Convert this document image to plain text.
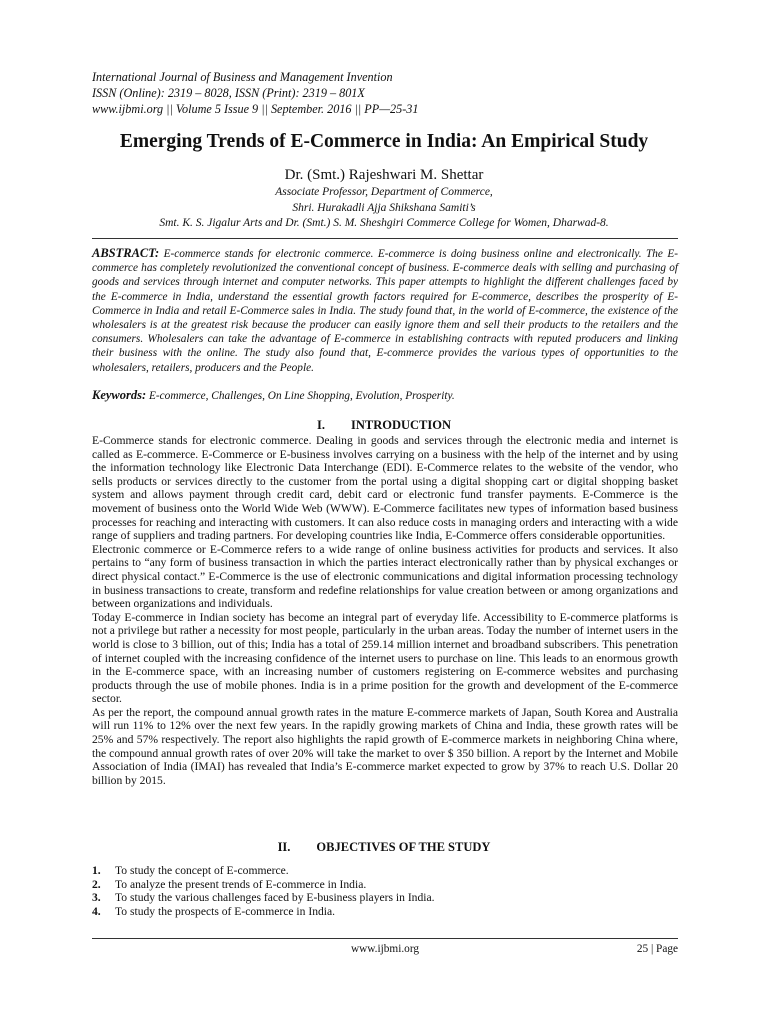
International Journal of Business and Management Invention
ISSN (Online): 2319 – 8028, ISSN (Print): 2319 – 801X
www.ijbmi.org || Volume 5 Issue 9 || September. 2016 || PP—25-31
Emerging Trends of E-Commerce in India: An Empirical Study
Dr. (Smt.) Rajeshwari M. Shettar
Associate Professor, Department of Commerce,
Shri. Hurakadli Ajja Shikshana Samiti’s
Smt. K. S. Jigalur Arts and Dr. (Smt.) S. M. Sheshgiri Commerce College for Women, Dharwad-8.
ABSTRACT: E-commerce stands for electronic commerce. E-commerce is doing business online and electronically. The E-commerce has completely revolutionized the conventional concept of business. E-commerce deals with selling and purchasing of goods and services through internet and computer networks. This paper attempts to highlight the different challenges faced by the E-commerce in India, understand the essential growth factors required for E-commerce, describes the prosperity of E-Commerce in India and retail E-Commerce sales in India. The study found that, in the world of E-commerce, the existence of the wholesalers is at the greatest risk because the producer can easily ignore them and sell their products to the retailers and the consumers. Wholesalers can take the advantage of E-commerce in establishing contracts with reputed producers and linking their business with the online. The study also found that, E-commerce provides the various types of opportunities to the wholesalers, retailers, producers and the People.
Keywords: E-commerce, Challenges, On Line Shopping, Evolution, Prosperity.
I. INTRODUCTION

E-Commerce stands for electronic commerce. Dealing in goods and services through the electronic media and internet is called as E-commerce. E-Commerce or E-business involves carrying on a business with the help of the internet and by using the information technology like Electronic Data Interchange (EDI). E-Commerce relates to the website of the vendor, who sells products or services directly to the customer from the portal using a digital shopping cart or digital shopping basket system and allows payment through credit card, debit card or electronic fund transfer payments. E-Commerce is the movement of business onto the World Wide Web (WWW). E-Commerce facilitates new types of information based business processes for reaching and interacting with customers. It can also reduce costs in managing orders and interacting with a wide range of suppliers and trading partners. For developing countries like India, E-Commerce offers considerable opportunities.

Electronic commerce or E-Commerce refers to a wide range of online business activities for products and services. It also pertains to “any form of business transaction in which the parties interact electronically rather than by physical exchanges or direct physical contact.” E-Commerce is the use of electronic communications and digital information processing technology in business transactions to create, transform and redefine relationships for value creation between or among organizations and between organizations and individuals.

Today E-commerce in Indian society has become an integral part of everyday life. Accessibility to E-commerce platforms is not a privilege but rather a necessity for most people, particularly in the urban areas. Today the number of internet users in the world is close to 3 billion, out of this; India has a total of 259.14 million internet and broadband subscribers. This penetration of internet coupled with the increasing confidence of the internet users to purchase on line. This leads to an enormous growth in the E-commerce space, with an increasing number of customers registering on E-commerce websites and purchasing products through the use of mobile phones. India is in a prime position for the growth and development of the E-commerce sector.

As per the report, the compound annual growth rates in the mature E-commerce markets of Japan, South Korea and Australia will run 11% to 12% over the next few years. In the rapidly growing markets of China and India, these growth rates will be 25% and 57% respectively. The report also highlights the rapid growth of E-commerce markets in neighboring China where, the compound annual growth rates of over 20% will take the market to over $ 350 billion. A report by the Internet and Mobile Association of India (IMAI) has revealed that India’s E-commerce market expected to grow by 37% to reach U.S. Dollar 20 billion by 2015.

II. OBJECTIVES OF THE STUDY
1.	To study the concept of E-commerce.
2.	To analyze the present trends of E-commerce in India.
3.	To study the various challenges faced by E-business players in India.
4.	To study the prospects of E-commerce in India.
www.ijbmi.org	25 | Page
